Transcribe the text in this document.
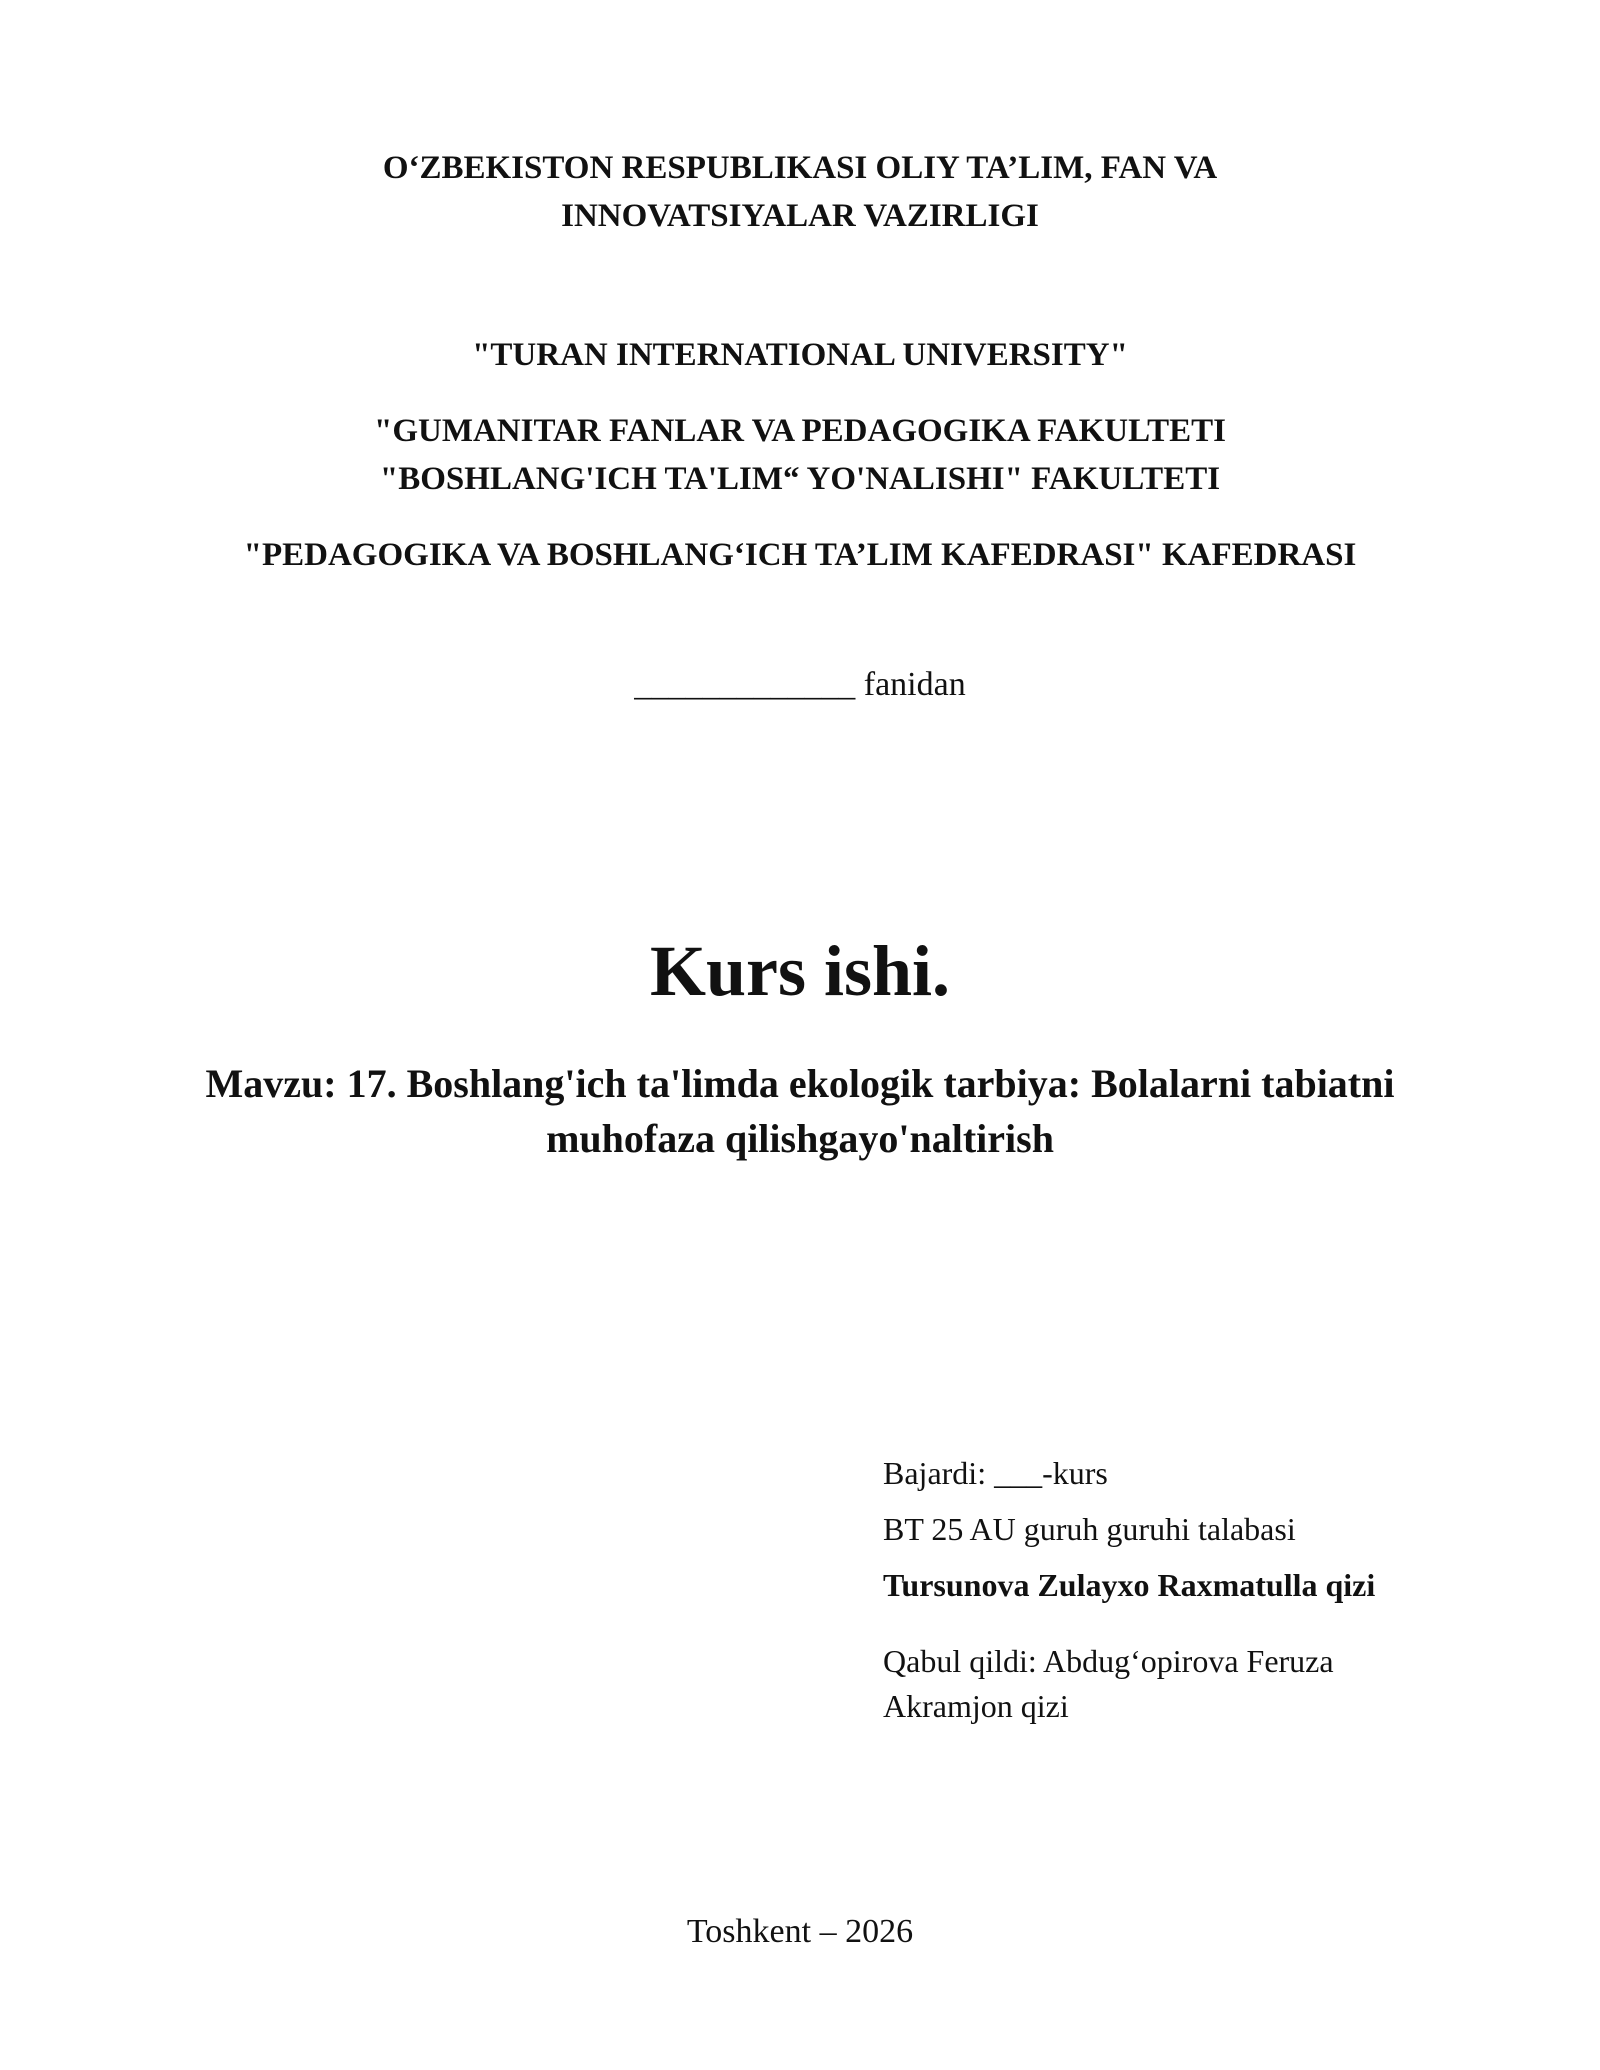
O‘ZBEKISTON RESPUBLIKASI OLIY TA’LIM, FAN VA
INNOVATSIYALAR VAZIRLIGI
"TURAN INTERNATIONAL UNIVERSITY"
"GUMANITAR FANLAR VA PEDAGOGIKA FAKULTETI
"BOSHLANG'ICH TA'LIM“ YO'NALISHI" FAKULTETI
"PEDAGOGIKA VA BOSHLANG‘ICH TA’LIM KAFEDRASI" KAFEDRASI
_____________ fanidan
Kurs ishi.
Mavzu: 17. Boshlang'ich ta'limda ekologik tarbiya: Bolalarni tabiatni
muhofaza qilishgayo'naltirish
Bajardi: ___-kurs
BT 25 AU guruh guruhi talabasi
Tursunova Zulayxo Raxmatulla qizi
Qabul qildi: Abdug‘opirova Feruza
Akramjon qizi
Toshkent – 2026
